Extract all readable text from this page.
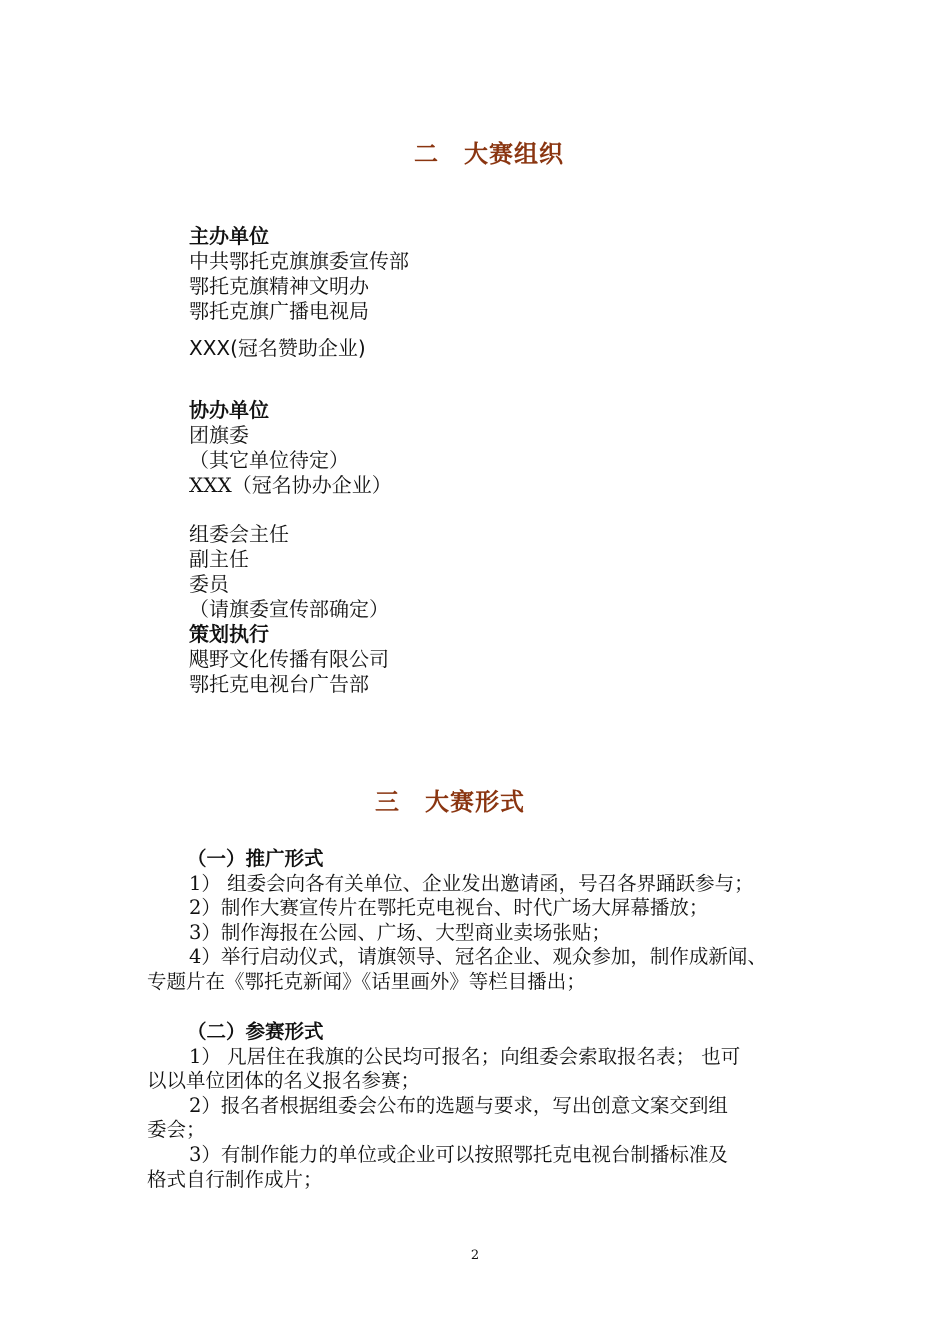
二　大赛组织
主办单位
中共鄂托克旗旗委宣传部
鄂托克旗精神文明办
鄂托克旗广播电视局
XXX(冠名赞助企业)
协办单位
团旗委
（其它单位待定）
XXX（冠名协办企业）
组委会主任
副主任
委员
（请旗委宣传部确定）
策划执行
飓野文化传播有限公司
鄂托克电视台广告部
三　大赛形式
（一）推广形式
1） 组委会向各有关单位、企业发出邀请函，号召各界踊跃参与；
2）制作大赛宣传片在鄂托克电视台、时代广场大屏幕播放；
3）制作海报在公园、广场、大型商业卖场张贴；
4）举行启动仪式，请旗领导、冠名企业、观众参加，制作成新闻、
专题片在《鄂托克新闻》《话里画外》等栏目播出；
（二）参赛形式
1） 凡居住在我旗的公民均可报名；向组委会索取报名表； 也可
以以单位团体的名义报名参赛；
2）报名者根据组委会公布的选题与要求，写出创意文案交到组
委会；
3）有制作能力的单位或企业可以按照鄂托克电视台制播标准及
格式自行制作成片；
2
